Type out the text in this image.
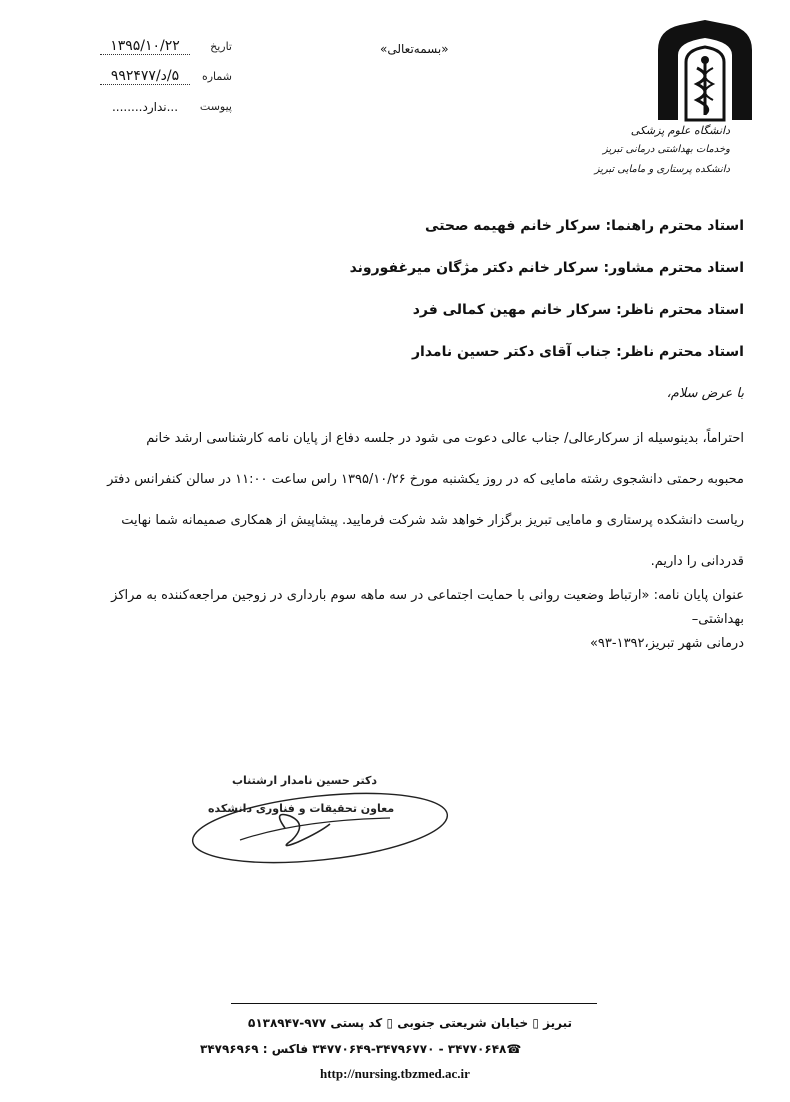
تاریخ
۱۳۹۵/۱۰/۲۲
شماره
۵/د/۹۹۲۴۷۷
پیوست
...ندارد........
«بسمه‌تعالی»
دانشگاه علوم پزشکی
وخدمات بهداشتی درمانی تبریز
دانشکده پرستاری و مامایی تبریز
استاد محترم راهنما: سرکار خانم فهیمه صحتی
استاد محترم مشاور: سرکار خانم دکتر مژگان میرغفوروند
استاد محترم ناظر: سرکار خانم مهین کمالی فرد
استاد محترم ناظر: جناب آقای دکتر حسین نامدار
با عرض سلام،
احتراماً، بدینوسیله از سرکارعالی/ جناب عالی دعوت می شود در جلسه دفاع از پایان نامه کارشناسی ارشد خانم
محبوبه رحمتی دانشجوی رشته مامایی که در روز یکشنبه مورخ ۱۳۹۵/۱۰/۲۶ راس ساعت ۱۱:۰۰ در سالن کنفرانس دفتر
ریاست دانشکده پرستاری و مامایی تبریز برگزار خواهد شد شرکت فرمایید. پیشاپیش از همکاری صمیمانه شما نهایت
قدردانی را داریم.
عنوان پایان نامه: «ارتباط وضعیت روانی با حمایت اجتماعی در سه ماهه سوم بارداری در زوجین مراجعه‌کننده به مراکز بهداشتی–
درمانی شهر تبریز،۱۳۹۲-۹۳»
دکتر حسین نامدار ارشتناب
معاون تحقیقات و فناوری دانشکده
تبریز ▯ خیابان شریعتی جنوبی ▯ کد پستی ۹۷۷-۵۱۳۸۹۴۷
☎۳۴۷۷۰۶۴۸ - ۳۴۷۷۰۶۴۹-۳۴۷۹۶۷۷۰ فاکس : ۳۴۷۹۶۹۶۹
http://nursing.tbzmed.ac.ir
